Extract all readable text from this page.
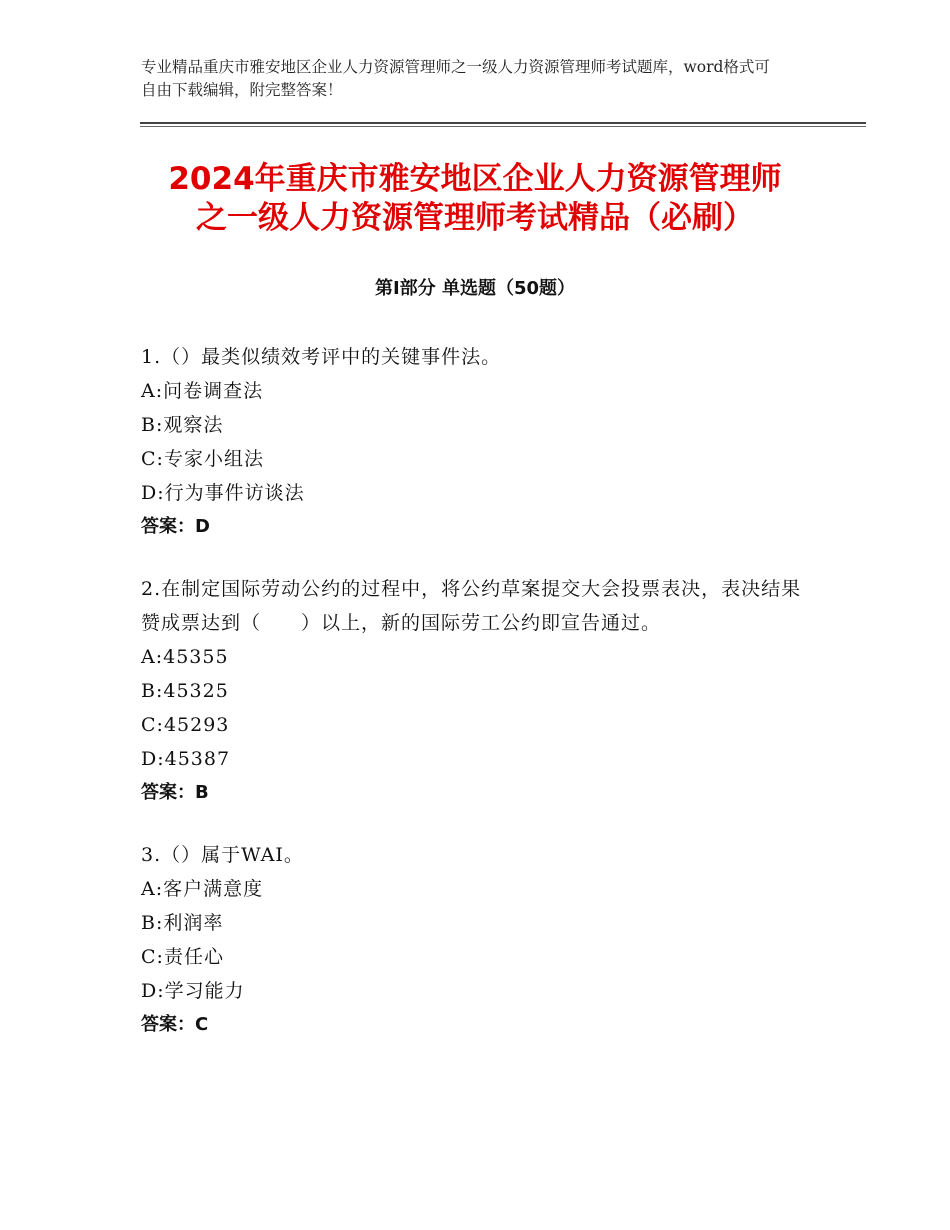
专业精品重庆市雅安地区企业人力资源管理师之一级人力资源管理师考试题库，word格式可自由下载编辑，附完整答案！
2024年重庆市雅安地区企业人力资源管理师
之一级人力资源管理师考试精品（必刷）
第Ⅰ部分 单选题（50题）
1.（）最类似绩效考评中的关键事件法。
A:问卷调查法
B:观察法
C:专家小组法
D:行为事件访谈法
答案：D
2.在制定国际劳动公约的过程中，将公约草案提交大会投票表决，表决结果赞成票达到（　　）以上，新的国际劳工公约即宣告通过。
A:45355
B:45325
C:45293
D:45387
答案：B
3.（）属于WAI。
A:客户满意度
B:利润率
C:责任心
D:学习能力
答案：C
